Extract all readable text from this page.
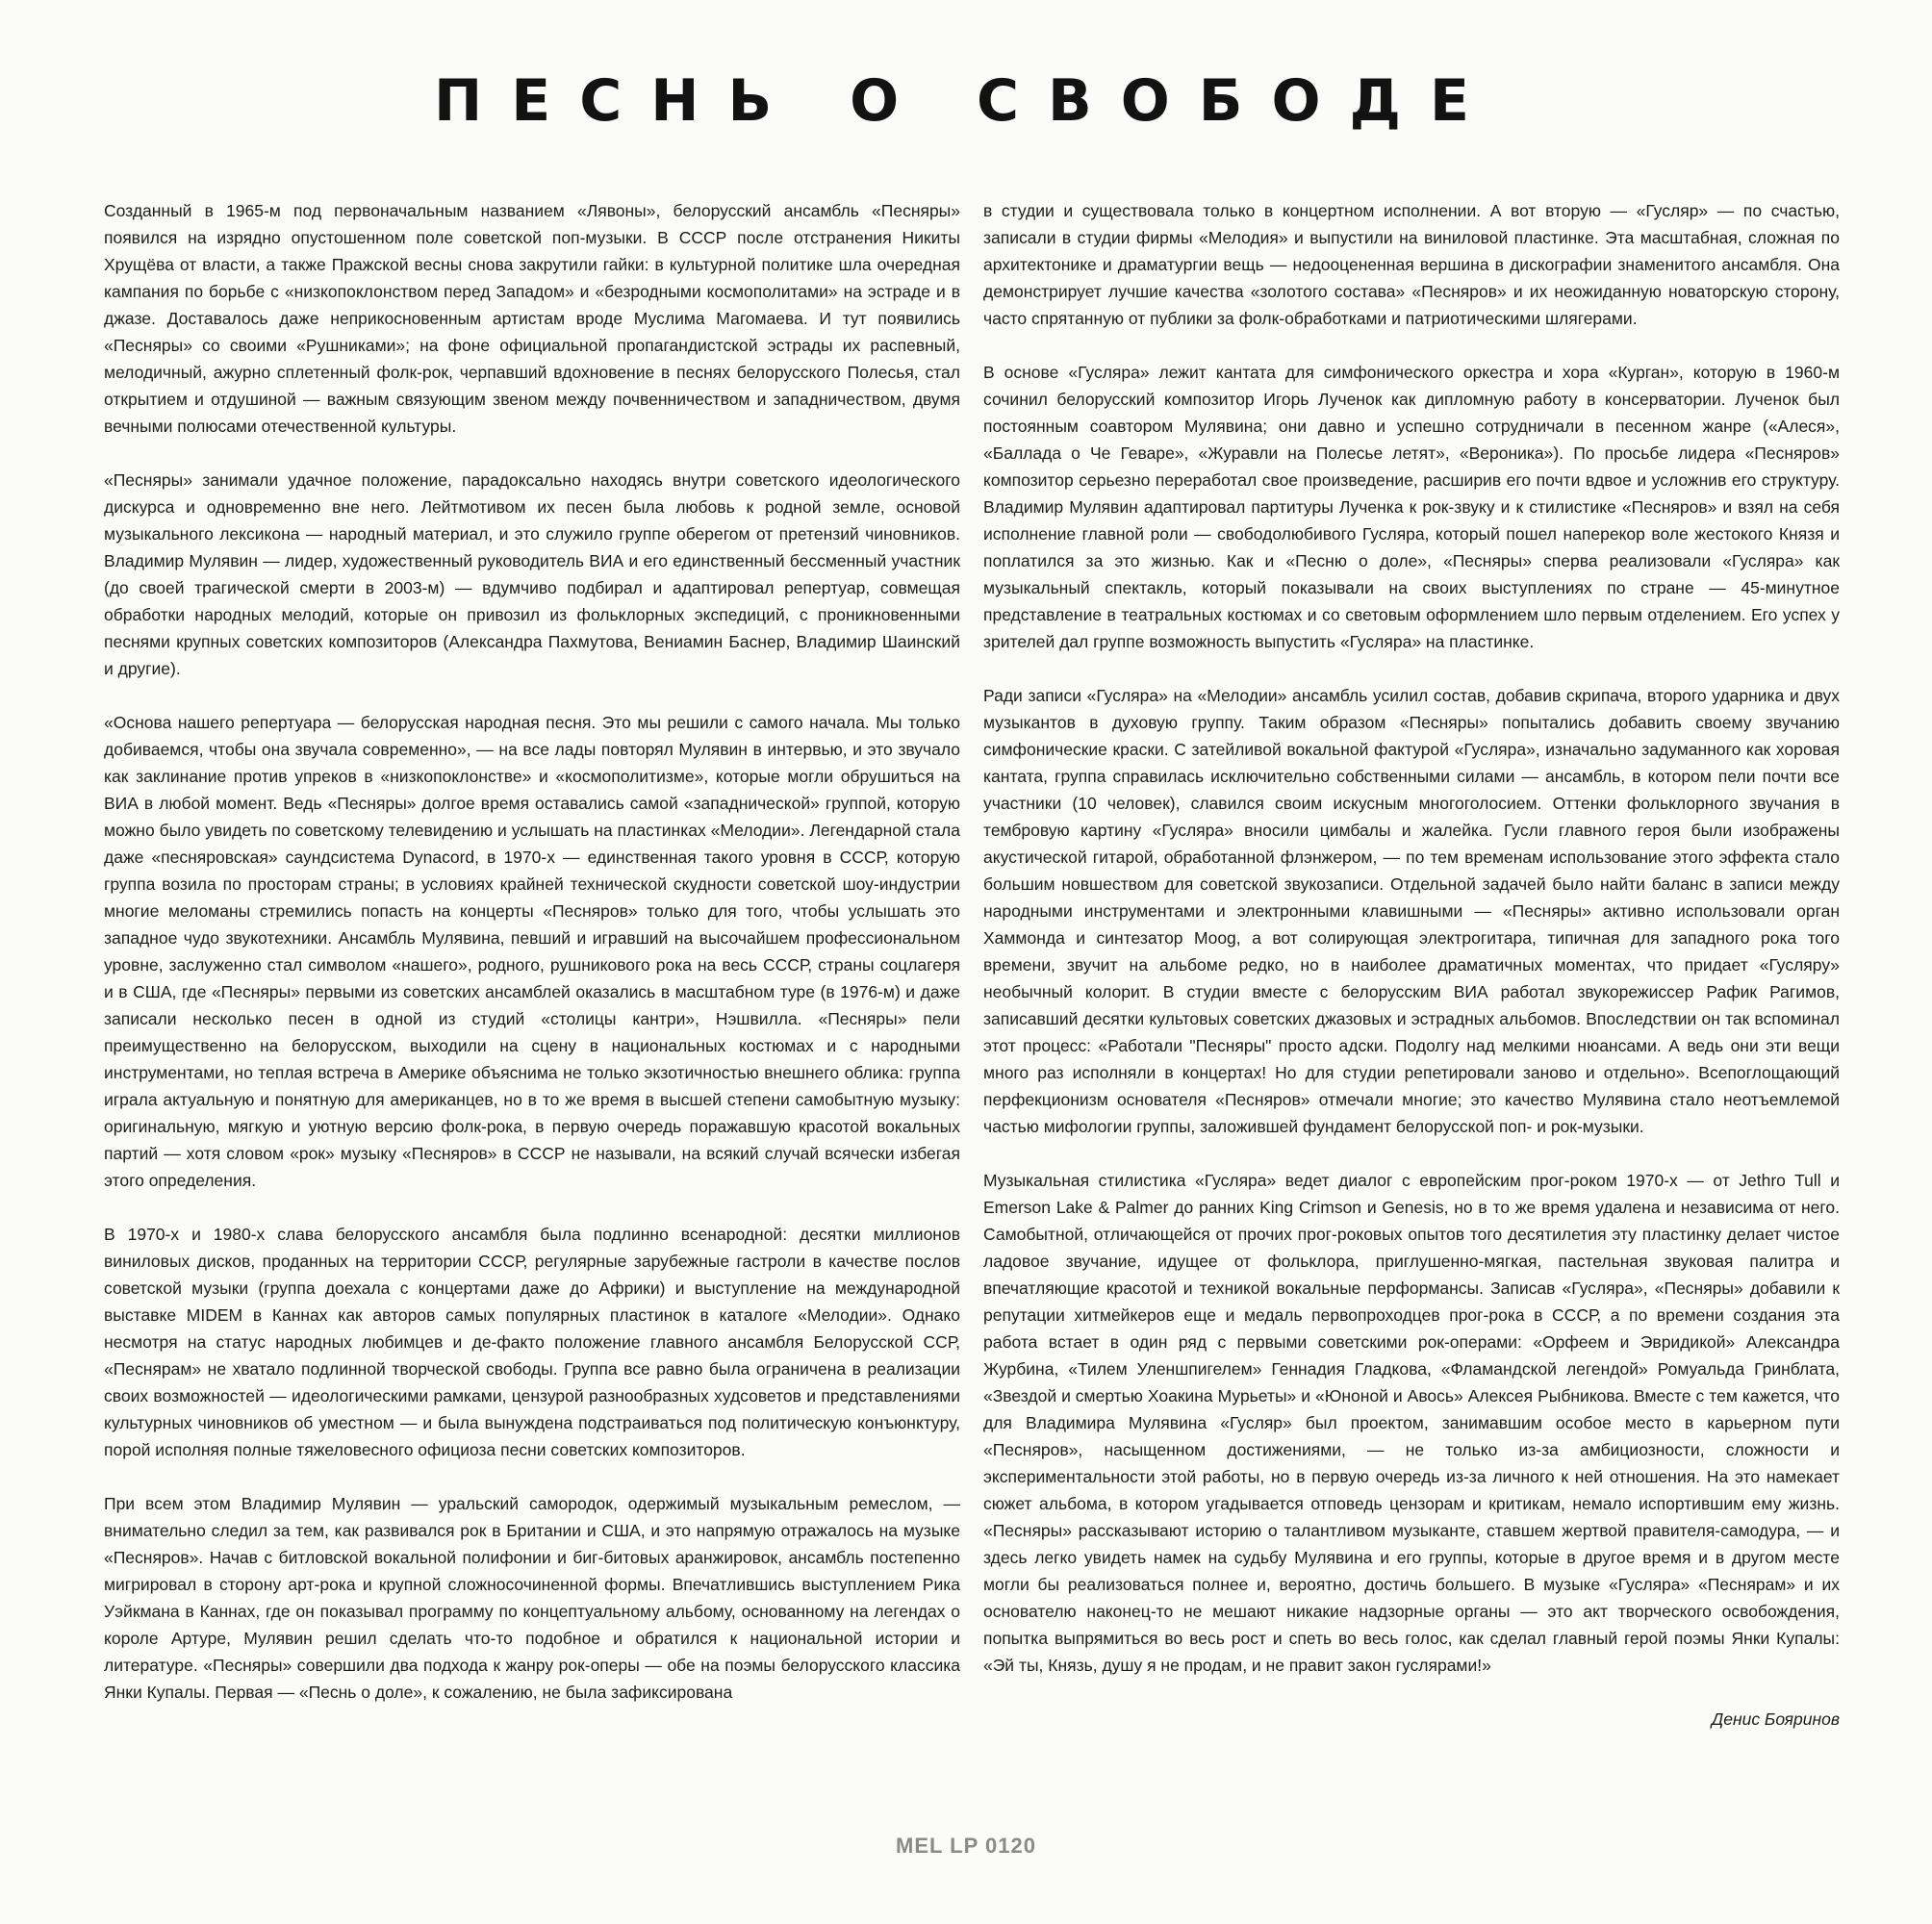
ПЕСНЬ О СВОБОДЕ

Созданный в 1965-м под первоначальным названием «Лявоны», белорусский ансамбль «Песняры» появился на изрядно опустошенном поле советской поп-музыки. В СССР после отстранения Никиты Хрущёва от власти, а также Пражской весны снова закрутили гайки: в культурной политике шла очередная кампания по борьбе с «низкопоклонством перед Западом» и «безродными космополитами» на эстраде и в джазе. Доставалось даже неприкосновенным артистам вроде Муслима Магомаева. И тут появились «Песняры» со своими «Рушниками»; на фоне официальной пропагандистской эстрады их распевный, мелодичный, ажурно сплетенный фолк-рок, черпавший вдохновение в песнях белорусского Полесья, стал открытием и отдушиной — важным связующим звеном между почвенничеством и западничеством, двумя вечными полюсами отечественной культуры.

«Песняры» занимали удачное положение, парадоксально находясь внутри советского идеологического дискурса и одновременно вне него. Лейтмотивом их песен была любовь к родной земле, основой музыкального лексикона — народный материал, и это служило группе оберегом от претензий чиновников. Владимир Мулявин — лидер, художественный руководитель ВИА и его единственный бессменный участник (до своей трагической смерти в 2003-м) — вдумчиво подбирал и адаптировал репертуар, совмещая обработки народных мелодий, которые он привозил из фольклорных экспедиций, с проникновенными песнями крупных советских композиторов (Александра Пахмутова, Вениамин Баснер, Владимир Шаинский и другие).

«Основа нашего репертуара — белорусская народная песня. Это мы решили с самого начала. Мы только добиваемся, чтобы она звучала современно», — на все лады повторял Мулявин в интервью, и это звучало как заклинание против упреков в «низкопоклонстве» и «космополитизме», которые могли обрушиться на ВИА в любой момент. Ведь «Песняры» долгое время оставались самой «западнической» группой, которую можно было увидеть по советскому телевидению и услышать на пластинках «Мелодии». Легендарной стала даже «песняровская» саундсистема Dynacord, в 1970-х — единственная такого уровня в СССР, которую группа возила по просторам страны; в условиях крайней технической скудности советской шоу-индустрии многие меломаны стремились попасть на концерты «Песняров» только для того, чтобы услышать это западное чудо звукотехники. Ансамбль Мулявина, певший и игравший на высочайшем профессиональном уровне, заслуженно стал символом «нашего», родного, рушникового рока на весь СССР, страны соцлагеря и в США, где «Песняры» первыми из советских ансамблей оказались в масштабном туре (в 1976-м) и даже записали несколько песен в одной из студий «столицы кантри», Нэшвилла. «Песняры» пели преимущественно на белорусском, выходили на сцену в национальных костюмах и с народными инструментами, но теплая встреча в Америке объяснима не только экзотичностью внешнего облика: группа играла актуальную и понятную для американцев, но в то же время в высшей степени самобытную музыку: оригинальную, мягкую и уютную версию фолк-рока, в первую очередь поражавшую красотой вокальных партий — хотя словом «рок» музыку «Песняров» в СССР не называли, на всякий случай всячески избегая этого определения.

В 1970-х и 1980-х слава белорусского ансамбля была подлинно всенародной: десятки миллионов виниловых дисков, проданных на территории СССР, регулярные зарубежные гастроли в качестве послов советской музыки (группа доехала с концертами даже до Африки) и выступление на международной выставке MIDEM в Каннах как авторов самых популярных пластинок в каталоге «Мелодии». Однако несмотря на статус народных любимцев и де-факто положение главного ансамбля Белорусской ССР, «Песнярам» не хватало подлинной творческой свободы. Группа все равно была ограничена в реализации своих возможностей — идеологическими рамками, цензурой разнообразных худсоветов и представлениями культурных чиновников об уместном — и была вынуждена подстраиваться под политическую конъюнктуру, порой исполняя полные тяжеловесного официоза песни советских композиторов.

При всем этом Владимир Мулявин — уральский самородок, одержимый музыкальным ремеслом, — внимательно следил за тем, как развивался рок в Британии и США, и это напрямую отражалось на музыке «Песняров». Начав с битловской вокальной полифонии и биг-битовых аранжировок, ансамбль постепенно мигрировал в сторону арт-рока и крупной сложносочиненной формы. Впечатлившись выступлением Рика Уэйкмана в Каннах, где он показывал программу по концептуальному альбому, основанному на легендах о короле Артуре, Мулявин решил сделать что-то подобное и обратился к национальной истории и литературе. «Песняры» совершили два подхода к жанру рок-оперы — обе на поэмы белорусского классика Янки Купалы. Первая — «Песнь о доле», к сожалению, не была зафиксирована

в студии и существовала только в концертном исполнении. А вот вторую — «Гусляр» — по счастью, записали в студии фирмы «Мелодия» и выпустили на виниловой пластинке. Эта масштабная, сложная по архитектонике и драматургии вещь — недооцененная вершина в дискографии знаменитого ансамбля. Она демонстрирует лучшие качества «золотого состава» «Песняров» и их неожиданную новаторскую сторону, часто спрятанную от публики за фолк-обработками и патриотическими шлягерами.

В основе «Гусляра» лежит кантата для симфонического оркестра и хора «Курган», которую в 1960-м сочинил белорусский композитор Игорь Лученок как дипломную работу в консерватории. Лученок был постоянным соавтором Мулявина; они давно и успешно сотрудничали в песенном жанре («Алеся», «Баллада о Че Геваре», «Журавли на Полесье летят», «Вероника»). По просьбе лидера «Песняров» композитор серьезно переработал свое произведение, расширив его почти вдвое и усложнив его структуру. Владимир Мулявин адаптировал партитуры Лученка к рок-звуку и к стилистике «Песняров» и взял на себя исполнение главной роли — свободолюбивого Гусляра, который пошел наперекор воле жестокого Князя и поплатился за это жизнью. Как и «Песню о доле», «Песняры» сперва реализовали «Гусляра» как музыкальный спектакль, который показывали на своих выступлениях по стране — 45-минутное представление в театральных костюмах и со световым оформлением шло первым отделением. Его успех у зрителей дал группе возможность выпустить «Гусляра» на пластинке.

Ради записи «Гусляра» на «Мелодии» ансамбль усилил состав, добавив скрипача, второго ударника и двух музыкантов в духовую группу. Таким образом «Песняры» попытались добавить своему звучанию симфонические краски. С затейливой вокальной фактурой «Гусляра», изначально задуманного как хоровая кантата, группа справилась исключительно собственными силами — ансамбль, в котором пели почти все участники (10 человек), славился своим искусным многоголосием. Оттенки фольклорного звучания в тембровую картину «Гусляра» вносили цимбалы и жалейка. Гусли главного героя были изображены акустической гитарой, обработанной флэнжером, — по тем временам использование этого эффекта стало большим новшеством для советской звукозаписи. Отдельной задачей было найти баланс в записи между народными инструментами и электронными клавишными — «Песняры» активно использовали орган Хаммонда и синтезатор Moog, а вот солирующая электрогитара, типичная для западного рока того времени, звучит на альбоме редко, но в наиболее драматичных моментах, что придает «Гусляру» необычный колорит. В студии вместе с белорусским ВИА работал звукорежиссер Рафик Рагимов, записавший десятки культовых советских джазовых и эстрадных альбомов. Впоследствии он так вспоминал этот процесс: «Работали "Песняры" просто адски. Подолгу над мелкими нюансами. А ведь они эти вещи много раз исполняли в концертах! Но для студии репетировали заново и отдельно». Всепоглощающий перфекционизм основателя «Песняров» отмечали многие; это качество Мулявина стало неотъемлемой частью мифологии группы, заложившей фундамент белорусской поп- и рок-музыки.

Музыкальная стилистика «Гусляра» ведет диалог с европейским прог-роком 1970-х — от Jethro Tull и Emerson Lake & Palmer до ранних King Crimson и Genesis, но в то же время удалена и независима от него. Самобытной, отличающейся от прочих прог-роковых опытов того десятилетия эту пластинку делает чистое ладовое звучание, идущее от фольклора, приглушенно-мягкая, пастельная звуковая палитра и впечатляющие красотой и техникой вокальные перформансы. Записав «Гусляра», «Песняры» добавили к репутации хитмейкеров еще и медаль первопроходцев прог-рока в СССР, а по времени создания эта работа встает в один ряд с первыми советскими рок-операми: «Орфеем и Эвридикой» Александра Журбина, «Тилем Уленшпигелем» Геннадия Гладкова, «Фламандской легендой» Ромуальда Гринблата, «Звездой и смертью Хоакина Мурьеты» и «Юноной и Авось» Алексея Рыбникова. Вместе с тем кажется, что для Владимира Мулявина «Гусляр» был проектом, занимавшим особое место в карьерном пути «Песняров», насыщенном достижениями, — не только из-за амбициозности, сложности и экспериментальности этой работы, но в первую очередь из-за личного к ней отношения. На это намекает сюжет альбома, в котором угадывается отповедь цензорам и критикам, немало испортившим ему жизнь. «Песняры» рассказывают историю о талантливом музыканте, ставшем жертвой правителя-самодура, — и здесь легко увидеть намек на судьбу Мулявина и его группы, которые в другое время и в другом месте могли бы реализоваться полнее и, вероятно, достичь большего. В музыке «Гусляра» «Песнярам» и их основателю наконец-то не мешают никакие надзорные органы — это акт творческого освобождения, попытка выпрямиться во весь рост и спеть во весь голос, как сделал главный герой поэмы Янки Купалы: «Эй ты, Князь, душу я не продам, и не правит закон гуслярами!»

Денис Бояринов
MEL LP 0120
